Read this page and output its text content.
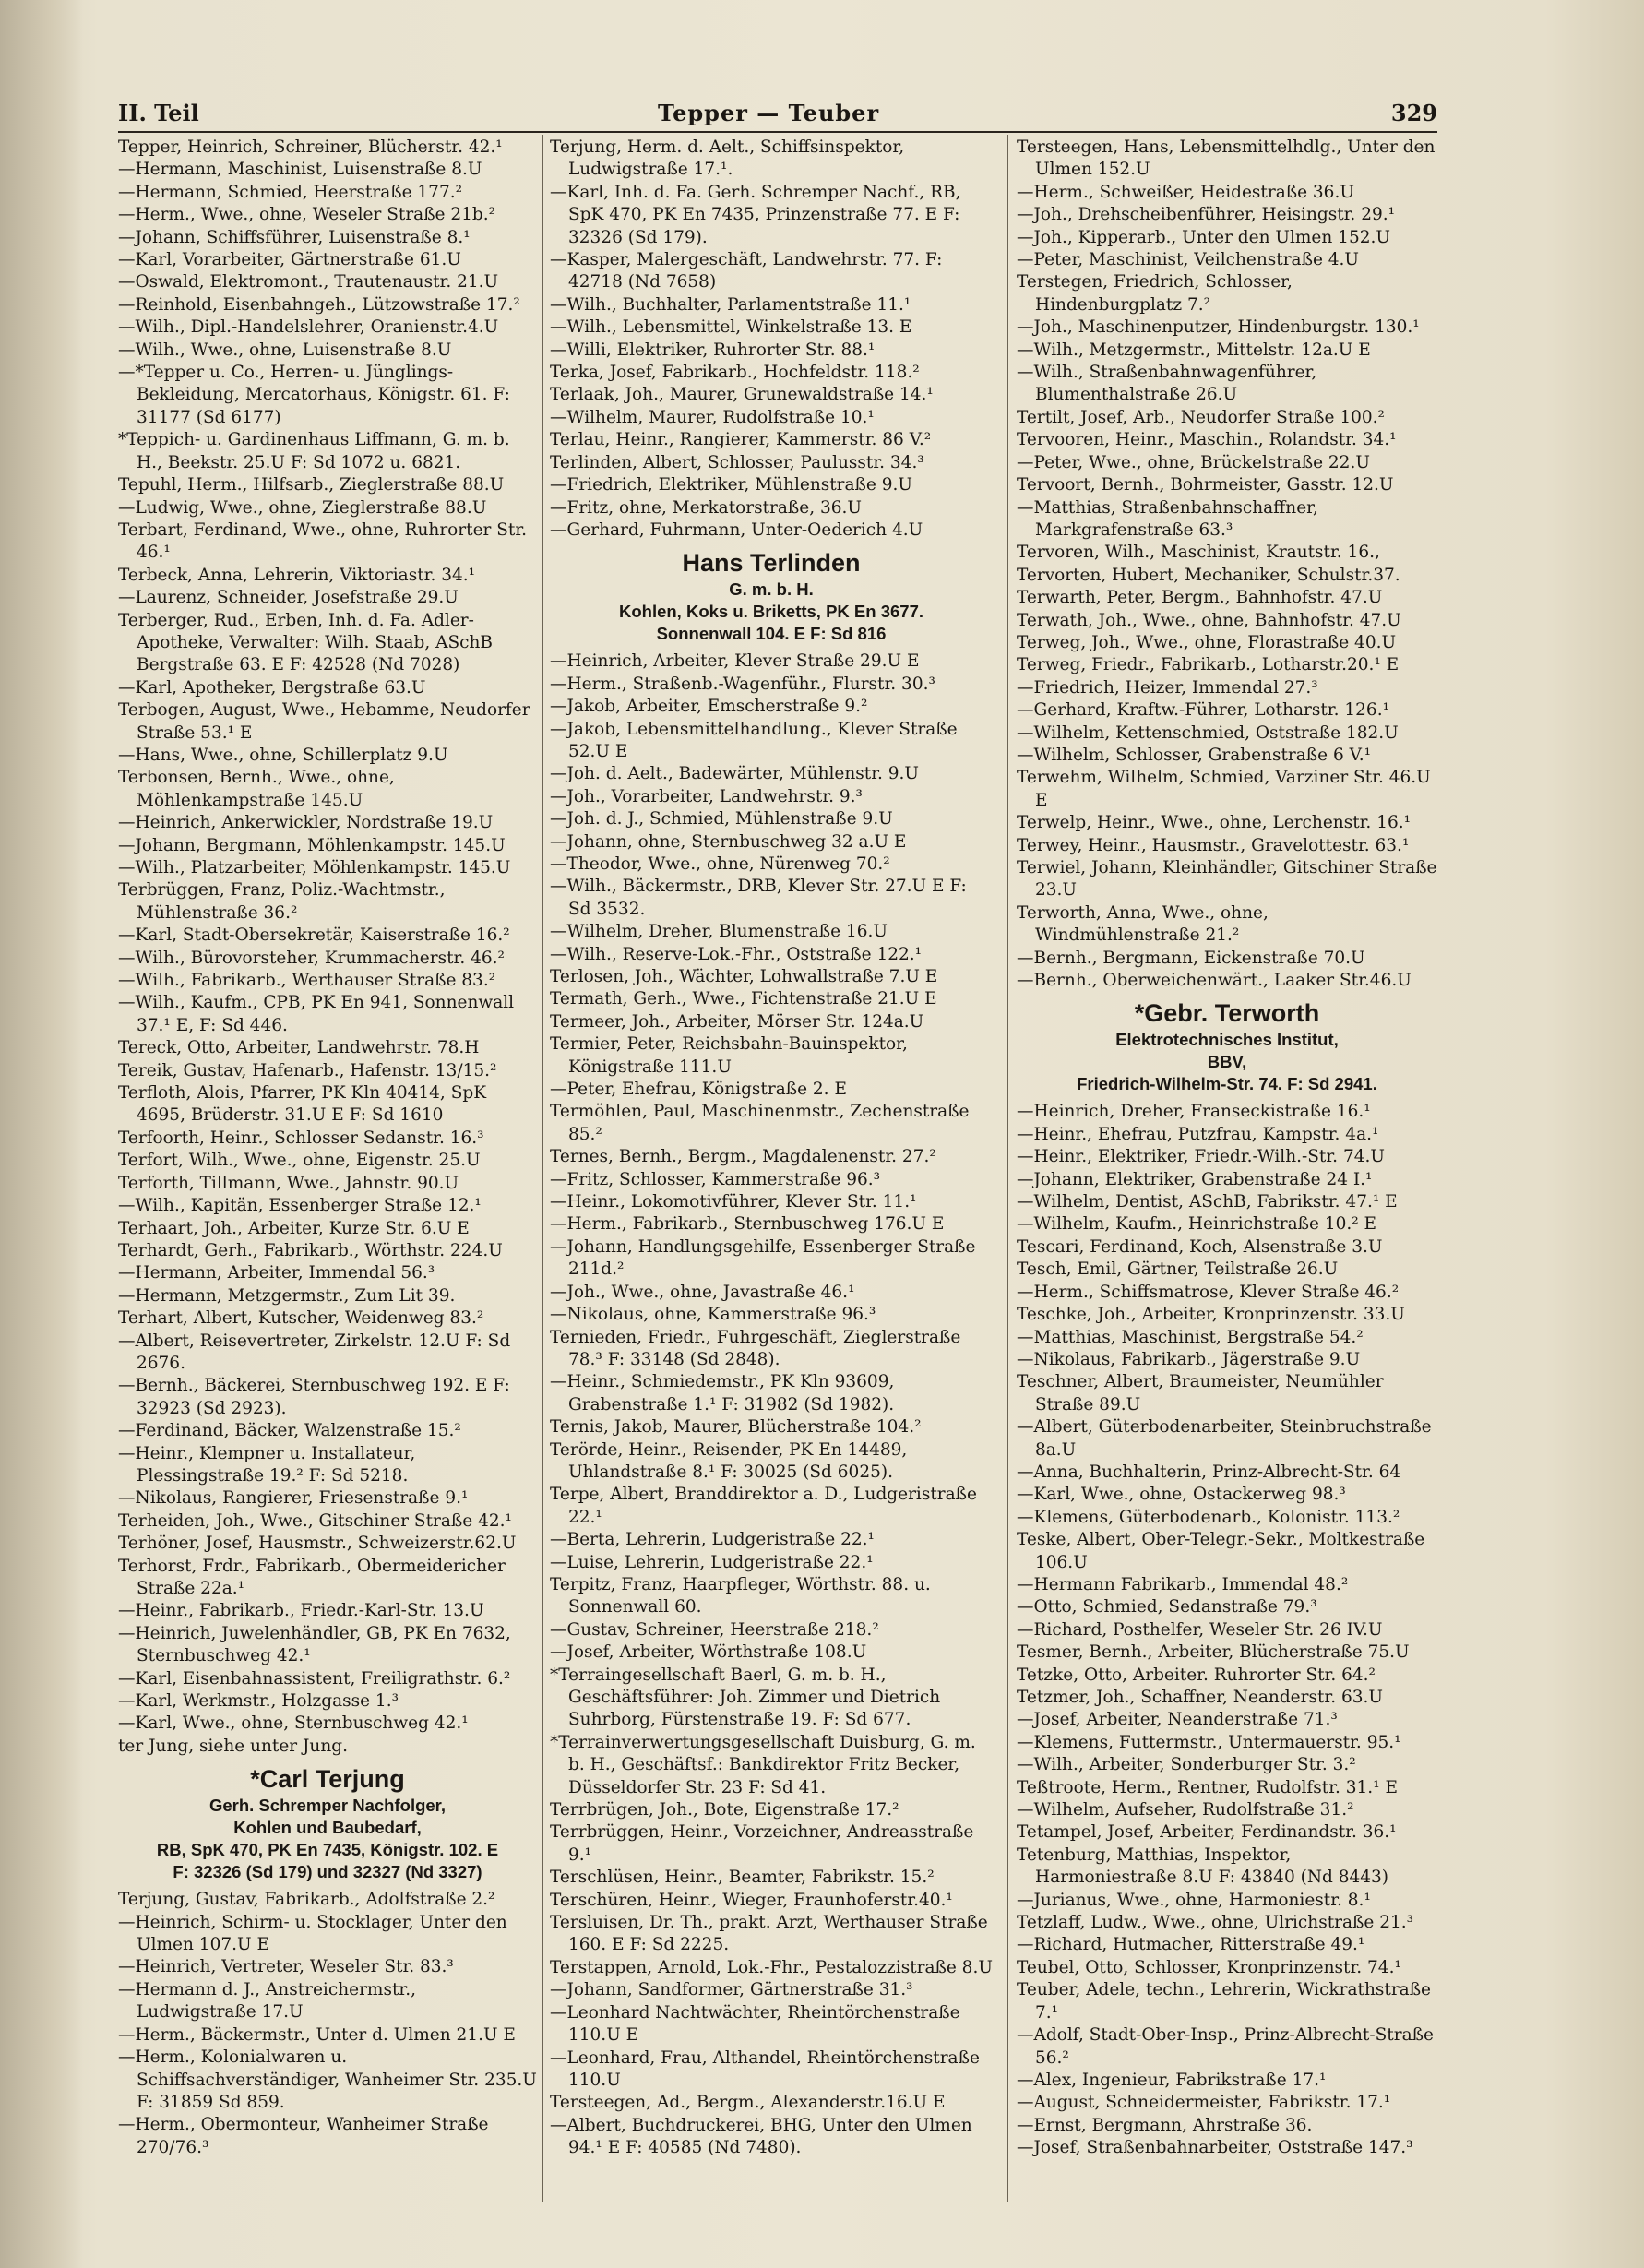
II. Teil	Tepper — Teuber	329

Tepper, Heinrich, Schreiner, Blücherstr. 42.¹

—Hermann, Maschinist, Luisenstraße 8.U

—Hermann, Schmied, Heerstraße 177.²

—Herm., Wwe., ohne, Weseler Straße 21b.²

—Johann, Schiffsführer, Luisenstraße 8.¹

—Karl, Vorarbeiter, Gärtnerstraße 61.U

—Oswald, Elektromont., Trautenaustr. 21.U

—Reinhold, Eisenbahngeh., Lützowstraße 17.²

—Wilh., Dipl.-Handelslehrer, Oranienstr.4.U

—Wilh., Wwe., ohne, Luisenstraße 8.U

—*Tepper u. Co., Herren- u. Jünglings-Bekleidung, Mercatorhaus, Königstr. 61. F: 31177 (Sd 6177)

*Teppich- u. Gardinenhaus Liffmann, G. m. b. H., Beekstr. 25.U F: Sd 1072 u. 6821.

Tepuhl, Herm., Hilfsarb., Zieglerstraße 88.U

—Ludwig, Wwe., ohne, Zieglerstraße 88.U

Terbart, Ferdinand, Wwe., ohne, Ruhrorter Str. 46.¹

Terbeck, Anna, Lehrerin, Viktoriastr. 34.¹

—Laurenz, Schneider, Josefstraße 29.U

Terberger, Rud., Erben, Inh. d. Fa. Adler-Apotheke, Verwalter: Wilh. Staab, ASchB Bergstraße 63. E F: 42528 (Nd 7028)

—Karl, Apotheker, Bergstraße 63.U

Terbogen, August, Wwe., Hebamme, Neudorfer Straße 53.¹ E

—Hans, Wwe., ohne, Schillerplatz 9.U

Terbonsen, Bernh., Wwe., ohne, Möhlenkampstraße 145.U

—Heinrich, Ankerwickler, Nordstraße 19.U

—Johann, Bergmann, Möhlenkampstr. 145.U

—Wilh., Platzarbeiter, Möhlenkampstr. 145.U

Terbrüggen, Franz, Poliz.-Wachtmstr., Mühlenstraße 36.²

—Karl, Stadt-Obersekretär, Kaiserstraße 16.²

—Wilh., Bürovorsteher, Krummacherstr. 46.²

—Wilh., Fabrikarb., Werthauser Straße 83.²

—Wilh., Kaufm., CPB, PK En 941, Sonnenwall 37.¹ E, F: Sd 446.

Tereck, Otto, Arbeiter, Landwehrstr. 78.H

Tereik, Gustav, Hafenarb., Hafenstr. 13/15.²

Terfloth, Alois, Pfarrer, PK Kln 40414, SpK 4695, Brüderstr. 31.U E F: Sd 1610

Terfoorth, Heinr., Schlosser Sedanstr. 16.³

Terfort, Wilh., Wwe., ohne, Eigenstr. 25.U

Terforth, Tillmann, Wwe., Jahnstr. 90.U

—Wilh., Kapitän, Essenberger Straße 12.¹

Terhaart, Joh., Arbeiter, Kurze Str. 6.U E

Terhardt, Gerh., Fabrikarb., Wörthstr. 224.U

—Hermann, Arbeiter, Immendal 56.³

—Hermann, Metzgermstr., Zum Lit 39.

Terhart, Albert, Kutscher, Weidenweg 83.²

—Albert, Reisevertreter, Zirkelstr. 12.U F: Sd 2676.

—Bernh., Bäckerei, Sternbuschweg 192. E F: 32923 (Sd 2923).

—Ferdinand, Bäcker, Walzenstraße 15.²

—Heinr., Klempner u. Installateur, Plessingstraße 19.² F: Sd 5218.

—Nikolaus, Rangierer, Friesenstraße 9.¹

Terheiden, Joh., Wwe., Gitschiner Straße 42.¹

Terhöner, Josef, Hausmstr., Schweizerstr.62.U

Terhorst, Frdr., Fabrikarb., Obermeidericher Straße 22a.¹

—Heinr., Fabrikarb., Friedr.-Karl-Str. 13.U

—Heinrich, Juwelenhändler, GB, PK En 7632, Sternbuschweg 42.¹

—Karl, Eisenbahnassistent, Freiligrathstr. 6.²

—Karl, Werkmstr., Holzgasse 1.³

—Karl, Wwe., ohne, Sternbuschweg 42.¹

ter Jung, siehe unter Jung.

*Carl Terjung
Gerh. Schremper Nachfolger,
Kohlen und Baubedarf,
RB, SpK 470, PK En 7435, Königstr. 102. E
F: 32326 (Sd 179) und 32327 (Nd 3327)

Terjung, Gustav, Fabrikarb., Adolfstraße 2.²

—Heinrich, Schirm- u. Stocklager, Unter den Ulmen 107.U E

—Heinrich, Vertreter, Weseler Str. 83.³

—Hermann d. J., Anstreichermstr., Ludwigstraße 17.U

—Herm., Bäckermstr., Unter d. Ulmen 21.U E

—Herm., Kolonialwaren u. Schiffsachverständiger, Wanheimer Str. 235.U F: 31859 Sd 859.

—Herm., Obermonteur, Wanheimer Straße 270/76.³

Terjung, Herm. d. Aelt., Schiffsinspektor, Ludwigstraße 17.¹.

—Karl, Inh. d. Fa. Gerh. Schremper Nachf., RB, SpK 470, PK En 7435, Prinzenstraße 77. E F: 32326 (Sd 179).

—Kasper, Malergeschäft, Landwehrstr. 77. F: 42718 (Nd 7658)

—Wilh., Buchhalter, Parlamentstraße 11.¹

—Wilh., Lebensmittel, Winkelstraße 13. E

—Willi, Elektriker, Ruhrorter Str. 88.¹

Terka, Josef, Fabrikarb., Hochfeldstr. 118.²

Terlaak, Joh., Maurer, Grunewaldstraße 14.¹

—Wilhelm, Maurer, Rudolfstraße 10.¹

Terlau, Heinr., Rangierer, Kammerstr. 86 V.²

Terlinden, Albert, Schlosser, Paulusstr. 34.³

—Friedrich, Elektriker, Mühlenstraße 9.U

—Fritz, ohne, Merkatorstraße, 36.U

—Gerhard, Fuhrmann, Unter-Oederich 4.U

Hans Terlinden
G. m. b. H.
Kohlen, Koks u. Briketts, PK En 3677.
Sonnenwall 104. E F: Sd 816

—Heinrich, Arbeiter, Klever Straße 29.U E

—Herm., Straßenb.-Wagenführ., Flurstr. 30.³

—Jakob, Arbeiter, Emscherstraße 9.²

—Jakob, Lebensmittelhandlung., Klever Straße 52.U E

—Joh. d. Aelt., Badewärter, Mühlenstr. 9.U

—Joh., Vorarbeiter, Landwehrstr. 9.³

—Joh. d. J., Schmied, Mühlenstraße 9.U

—Johann, ohne, Sternbuschweg 32 a.U E

—Theodor, Wwe., ohne, Nürenweg 70.²

—Wilh., Bäckermstr., DRB, Klever Str. 27.U E F: Sd 3532.

—Wilhelm, Dreher, Blumenstraße 16.U

—Wilh., Reserve-Lok.-Fhr., Oststraße 122.¹

Terlosen, Joh., Wächter, Lohwallstraße 7.U E

Termath, Gerh., Wwe., Fichtenstraße 21.U E

Termeer, Joh., Arbeiter, Mörser Str. 124a.U

Termier, Peter, Reichsbahn-Bauinspektor, Königstraße 111.U

—Peter, Ehefrau, Königstraße 2. E

Termöhlen, Paul, Maschinenmstr., Zechenstraße 85.²

Ternes, Bernh., Bergm., Magdalenenstr. 27.²

—Fritz, Schlosser, Kammerstraße 96.³

—Heinr., Lokomotivführer, Klever Str. 11.¹

—Herm., Fabrikarb., Sternbuschweg 176.U E

—Johann, Handlungsgehilfe, Essenberger Straße 211d.²

—Joh., Wwe., ohne, Javastraße 46.¹

—Nikolaus, ohne, Kammerstraße 96.³

Ternieden, Friedr., Fuhrgeschäft, Zieglerstraße 78.³ F: 33148 (Sd 2848).

—Heinr., Schmiedemstr., PK Kln 93609, Grabenstraße 1.¹ F: 31982 (Sd 1982).

Ternis, Jakob, Maurer, Blücherstraße 104.²

Terörde, Heinr., Reisender, PK En 14489, Uhlandstraße 8.¹ F: 30025 (Sd 6025).

Terpe, Albert, Branddirektor a. D., Ludgeristraße 22.¹

—Berta, Lehrerin, Ludgeristraße 22.¹

—Luise, Lehrerin, Ludgeristraße 22.¹

Terpitz, Franz, Haarpfleger, Wörthstr. 88. u. Sonnenwall 60.

—Gustav, Schreiner, Heerstraße 218.²

—Josef, Arbeiter, Wörthstraße 108.U

*Terraingesellschaft Baerl, G. m. b. H., Geschäftsführer: Joh. Zimmer und Dietrich Suhrborg, Fürstenstraße 19. F: Sd 677.

*Terrainverwertungsgesellschaft Duisburg, G. m. b. H., Geschäftsf.: Bankdirektor Fritz Becker, Düsseldorfer Str. 23 F: Sd 41.

Terrbrügen, Joh., Bote, Eigenstraße 17.²

Terrbrüggen, Heinr., Vorzeichner, Andreasstraße 9.¹

Terschlüsen, Heinr., Beamter, Fabrikstr. 15.²

Terschüren, Heinr., Wieger, Fraunhoferstr.40.¹

Tersluisen, Dr. Th., prakt. Arzt, Werthauser Straße 160. E F: Sd 2225.

Terstappen, Arnold, Lok.-Fhr., Pestalozzistraße 8.U

—Johann, Sandformer, Gärtnerstraße 31.³

—Leonhard Nachtwächter, Rheintörchenstraße 110.U E

—Leonhard, Frau, Althandel, Rheintörchenstraße 110.U

Tersteegen, Ad., Bergm., Alexanderstr.16.U E

—Albert, Buchdruckerei, BHG, Unter den Ulmen 94.¹ E F: 40585 (Nd 7480).

Tersteegen, Hans, Lebensmittelhdlg., Unter den Ulmen 152.U

—Herm., Schweißer, Heidestraße 36.U

—Joh., Drehscheibenführer, Heisingstr. 29.¹

—Joh., Kipperarb., Unter den Ulmen 152.U

—Peter, Maschinist, Veilchenstraße 4.U

Terstegen, Friedrich, Schlosser, Hindenburgplatz 7.²

—Joh., Maschinenputzer, Hindenburgstr. 130.¹

—Wilh., Metzgermstr., Mittelstr. 12a.U E

—Wilh., Straßenbahnwagenführer, Blumenthalstraße 26.U

Tertilt, Josef, Arb., Neudorfer Straße 100.²

Tervooren, Heinr., Maschin., Rolandstr. 34.¹

—Peter, Wwe., ohne, Brückelstraße 22.U

Tervoort, Bernh., Bohrmeister, Gasstr. 12.U

—Matthias, Straßenbahnschaffner, Markgrafenstraße 63.³

Tervoren, Wilh., Maschinist, Krautstr. 16.,

Tervorten, Hubert, Mechaniker, Schulstr.37.

Terwarth, Peter, Bergm., Bahnhofstr. 47.U

Terwath, Joh., Wwe., ohne, Bahnhofstr. 47.U

Terweg, Joh., Wwe., ohne, Florastraße 40.U

Terweg, Friedr., Fabrikarb., Lotharstr.20.¹ E

—Friedrich, Heizer, Immendal 27.³

—Gerhard, Kraftw.-Führer, Lotharstr. 126.¹

—Wilhelm, Kettenschmied, Oststraße 182.U

—Wilhelm, Schlosser, Grabenstraße 6 V.¹

Terwehm, Wilhelm, Schmied, Varziner Str. 46.U E

Terwelp, Heinr., Wwe., ohne, Lerchenstr. 16.¹

Terwey, Heinr., Hausmstr., Gravelottestr. 63.¹

Terwiel, Johann, Kleinhändler, Gitschiner Straße 23.U

Terworth, Anna, Wwe., ohne, Windmühlenstraße 21.²

—Bernh., Bergmann, Eickenstraße 70.U

—Bernh., Oberweichenwärt., Laaker Str.46.U

*Gebr. Terworth
Elektrotechnisches Institut,
BBV,
Friedrich-Wilhelm-Str. 74. F: Sd 2941.

—Heinrich, Dreher, Franseckistraße 16.¹

—Heinr., Ehefrau, Putzfrau, Kampstr. 4a.¹

—Heinr., Elektriker, Friedr.-Wilh.-Str. 74.U

—Johann, Elektriker, Grabenstraße 24 I.¹

—Wilhelm, Dentist, ASchB, Fabrikstr. 47.¹ E

—Wilhelm, Kaufm., Heinrichstraße 10.² E

Tescari, Ferdinand, Koch, Alsenstraße 3.U

Tesch, Emil, Gärtner, Teilstraße 26.U

—Herm., Schiffsmatrose, Klever Straße 46.²

Teschke, Joh., Arbeiter, Kronprinzenstr. 33.U

—Matthias, Maschinist, Bergstraße 54.²

—Nikolaus, Fabrikarb., Jägerstraße 9.U

Teschner, Albert, Braumeister, Neumühler Straße 89.U

—Albert, Güterbodenarbeiter, Steinbruchstraße 8a.U

—Anna, Buchhalterin, Prinz-Albrecht-Str. 64

—Karl, Wwe., ohne, Ostackerweg 98.³

—Klemens, Güterbodenarb., Kolonistr. 113.²

Teske, Albert, Ober-Telegr.-Sekr., Moltkestraße 106.U

—Hermann Fabrikarb., Immendal 48.²

—Otto, Schmied, Sedanstraße 79.³

—Richard, Posthelfer, Weseler Str. 26 IV.U

Tesmer, Bernh., Arbeiter, Blücherstraße 75.U

Tetzke, Otto, Arbeiter. Ruhrorter Str. 64.²

Tetzmer, Joh., Schaffner, Neanderstr. 63.U

—Josef, Arbeiter, Neanderstraße 71.³

—Klemens, Futtermstr., Untermauerstr. 95.¹

—Wilh., Arbeiter, Sonderburger Str. 3.²

Teßtroote, Herm., Rentner, Rudolfstr. 31.¹ E

—Wilhelm, Aufseher, Rudolfstraße 31.²

Tetampel, Josef, Arbeiter, Ferdinandstr. 36.¹

Tetenburg, Matthias, Inspektor, Harmoniestraße 8.U F: 43840 (Nd 8443)

—Jurianus, Wwe., ohne, Harmoniestr. 8.¹

Tetzlaff, Ludw., Wwe., ohne, Ulrichstraße 21.³

—Richard, Hutmacher, Ritterstraße 49.¹

Teubel, Otto, Schlosser, Kronprinzenstr. 74.¹

Teuber, Adele, techn., Lehrerin, Wickrathstraße 7.¹

—Adolf, Stadt-Ober-Insp., Prinz-Albrecht-Straße 56.²

—Alex, Ingenieur, Fabrikstraße 17.¹

—August, Schneidermeister, Fabrikstr. 17.¹

—Ernst, Bergmann, Ahrstraße 36.

—Josef, Straßenbahnarbeiter, Oststraße 147.³
